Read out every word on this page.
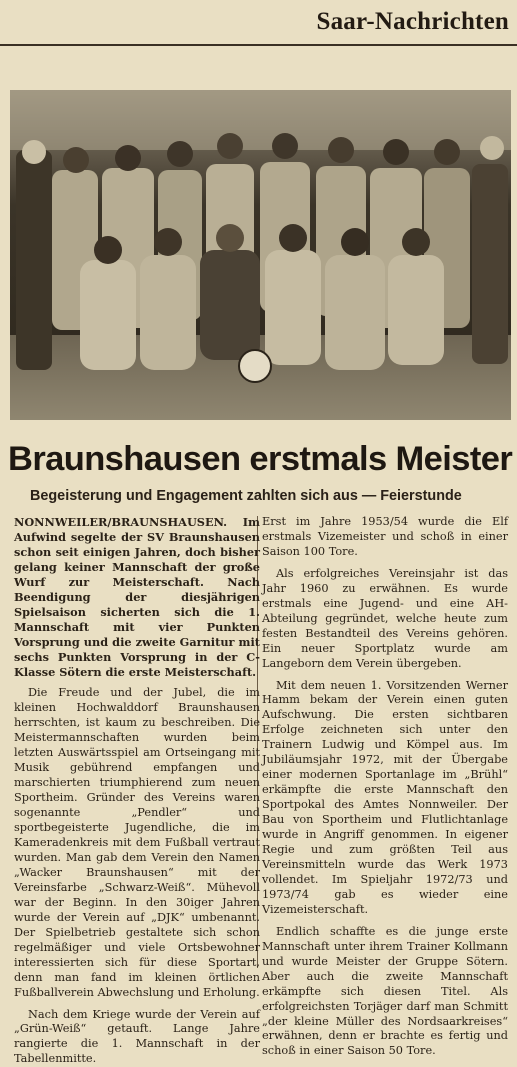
Saar-Nachrichten
Braunshausen erstmals Meister
Begeisterung und Engagement zahlten sich aus — Feierstunde

NONNWEILER/BRAUNSHAUSEN. Im Aufwind segelte der SV Braunshausen schon seit einigen Jahren, doch bisher gelang keiner Mannschaft der große Wurf zur Meisterschaft. Nach Beendigung der diesjährigen Spielsaison sicherten sich die 1. Mannschaft mit vier Punkten Vorsprung und die zweite Garnitur mit sechs Punkten Vorsprung in der C-Klasse Sötern die erste Meisterschaft.

Die Freude und der Jubel, die im kleinen Hochwalddorf Braunshausen herrschten, ist kaum zu beschreiben. Die Meistermannschaften wurden beim letzten Auswärtsspiel am Ortseingang mit Musik gebührend empfangen und marschierten triumphierend zum neuen Sportheim. Gründer des Vereins waren sogenannte „Pendler“ und sportbegeisterte Jugendliche, die im Kameradenkreis mit dem Fußball vertraut wurden. Man gab dem Verein den Namen „Wacker Braunshausen“ mit der Vereinsfarbe „Schwarz-Weiß“. Mühevoll war der Beginn. In den 30iger Jahren wurde der Verein auf „DJK“ umbenannt. Der Spielbetrieb gestaltete sich schon regelmäßiger und viele Ortsbewohner interessierten sich für diese Sportart, denn man fand im kleinen örtlichen Fußballverein Abwechslung und Erholung.

Nach dem Kriege wurde der Verein auf „Grün-Weiß“ getauft. Lange Jahre rangierte die 1. Mannschaft in der Tabellenmitte.

Erst im Jahre 1953/54 wurde die Elf erstmals Vizemeister und schoß in einer Saison 100 Tore.

Als erfolgreiches Vereinsjahr ist das Jahr 1960 zu erwähnen. Es wurde erstmals eine Jugend- und eine AH-Abteilung gegründet, welche heute zum festen Bestandteil des Vereins gehören. Ein neuer Sportplatz wurde am Langeborn dem Verein übergeben.

Mit dem neuen 1. Vorsitzenden Werner Hamm bekam der Verein einen guten Aufschwung. Die ersten sichtbaren Erfolge zeichneten sich unter den Trainern Ludwig und Kömpel aus. Im Jubiläumsjahr 1972, mit der Übergabe einer modernen Sportanlage im „Brühl“ erkämpfte die erste Mannschaft den Sportpokal des Amtes Nonnweiler. Der Bau von Sportheim und Flutlichtanlage wurde in Angriff genommen. In eigener Regie und zum größten Teil aus Vereinsmitteln wurde das Werk 1973 vollendet. Im Spieljahr 1972/73 und 1973/74 gab es wieder eine Vizemeisterschaft.

Endlich schaffte es die junge erste Mannschaft unter ihrem Trainer Kollmann und wurde Meister der Gruppe Sötern. Aber auch die zweite Mannschaft erkämpfte sich diesen Titel. Als erfolgreichsten Torjäger darf man Schmitt „der kleine Müller des Nordsaarkreises“ erwähnen, denn er brachte es fertig und schoß in einer Saison 50 Tore.
